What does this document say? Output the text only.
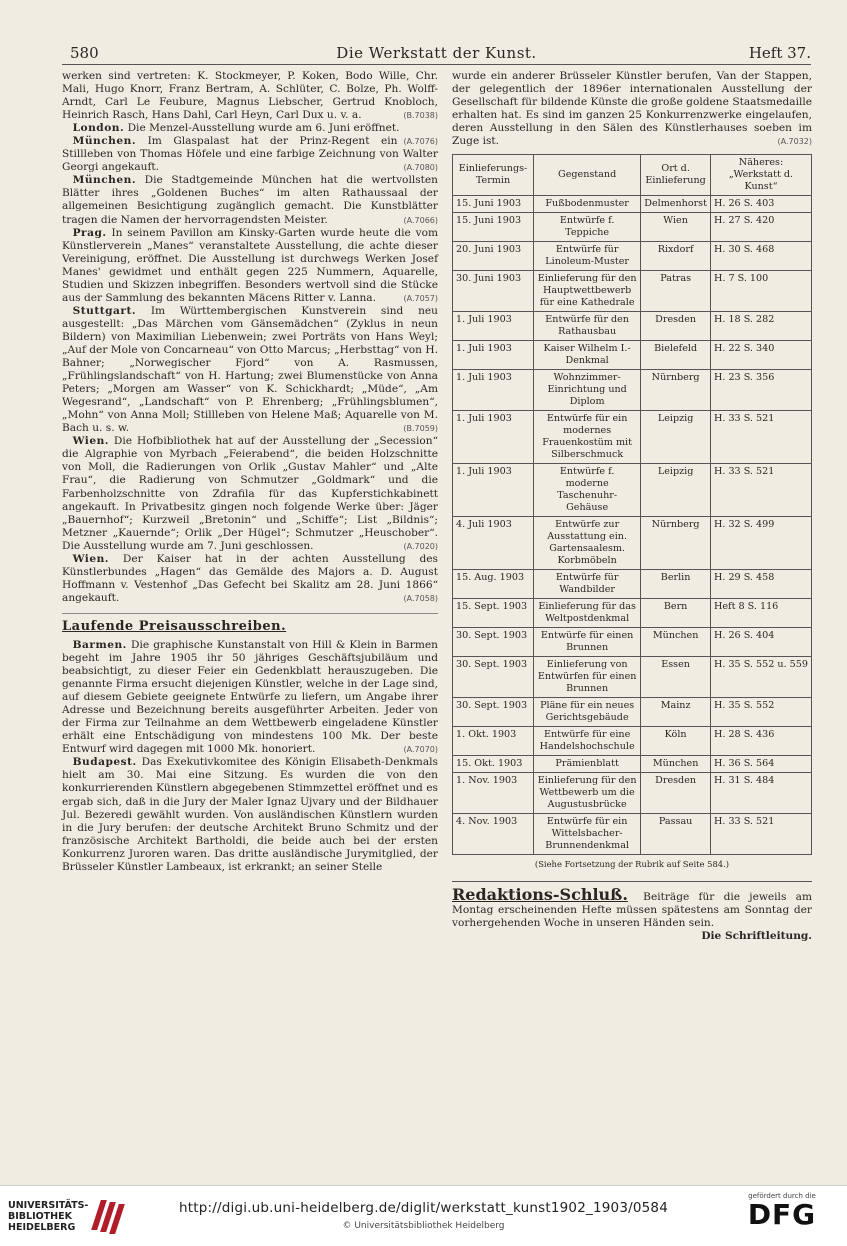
580	Die Werkstatt der Kunst.	Heft 37.

werken sind vertreten: K. Stockmeyer, P. Koken, Bodo Wille, Chr. Mali, Hugo Knorr, Franz Bertram, A. Schlüter, C. Bolze, Ph. Wolff-Arndt, Carl Le Feubure, Magnus Liebscher, Gertrud Knobloch, Heinrich Rasch, Hans Dahl, Carl Heyn, Carl Dux u. v. a.	(B.7038)

 London. Die Menzel-Ausstellung wurde am 6. Juni eröffnet.
(A.7076)

 München. Im Glaspalast hat der Prinz-Regent ein Stillleben von Thomas Höfele und eine farbige Zeichnung von Walter Georgi angekauft.	(A.7080)

 München. Die Stadtgemeinde München hat die wertvollsten Blätter ihres „Goldenen Buches“ im alten Rathaussaal der allgemeinen Besichtigung zugänglich gemacht. Die Kunstblätter tragen die Namen der hervorragendsten Meister.	(A.7066)

 Prag. In seinem Pavillon am Kinsky-Garten wurde heute die vom Künstlerverein „Manes“ veranstaltete Ausstellung, die achte dieser Vereinigung, eröffnet. Die Ausstellung ist durchwegs Werken Josef Manes' gewidmet und enthält gegen 225 Nummern, Aquarelle, Studien und Skizzen inbegriffen. Besonders wertvoll sind die Stücke aus der Sammlung des bekannten Mäcens Ritter v. Lanna.	(A.7057)

 Stuttgart. Im Württembergischen Kunstverein sind neu ausgestellt: „Das Märchen vom Gänsemädchen“ (Zyklus in neun Bildern) von Maximilian Liebenwein; zwei Porträts von Hans Weyl; „Auf der Mole von Concarneau“ von Otto Marcus; „Herbsttag“ von H. Bahner; „Norwegischer Fjord“ von A. Rasmussen, „Frühlingslandschaft“ von H. Hartung; zwei Blumenstücke von Anna Peters; „Morgen am Wasser“ von K. Schickhardt; „Müde“, „Am Wegesrand“, „Landschaft“ von P. Ehrenberg; „Frühlingsblumen“, „Mohn“ von Anna Moll; Stillleben von Helene Maß; Aquarelle von M. Bach u. s. w.	(B.7059)

 Wien. Die Hofbibliothek hat auf der Ausstellung der „Secession“ die Algraphie von Myrbach „Feierabend“, die beiden Holzschnitte von Moll, die Radierungen von Orlik „Gustav Mahler“ und „Alte Frau“, die Radierung von Schmutzer „Goldmark“ und die Farbenholzschnitte von Zdrafila für das Kupferstichkabinett angekauft. In Privatbesitz gingen noch folgende Werke über: Jäger „Bauernhof“; Kurzweil „Bretonin“ und „Schiffe“; List „Bildnis“; Metzner „Kauernde“; Orlik „Der Hügel“; Schmutzer „Heuschober“. Die Ausstellung wurde am 7. Juni geschlossen.	(A.7020)

 Wien. Der Kaiser hat in der achten Ausstellung des Künstlerbundes „Hagen“ das Gemälde des Majors a. D. August Hoffmann v. Vestenhof „Das Gefecht bei Skalitz am 28. Juni 1866“ angekauft.	(A.7058)

Laufende Preisausschreiben.

 Barmen. Die graphische Kunstanstalt von Hill & Klein in Barmen begeht im Jahre 1905 ihr 50 jähriges Geschäftsjubiläum und beabsichtigt, zu dieser Feier ein Gedenkblatt herauszugeben. Die genannte Firma ersucht diejenigen Künstler, welche in der Lage sind, auf diesem Gebiete geeignete Entwürfe zu liefern, um Angabe ihrer Adresse und Bezeichnung bereits ausgeführter Arbeiten. Jeder von der Firma zur Teilnahme an dem Wettbewerb eingeladene Künstler erhält eine Entschädigung von mindestens 100 Mk. Der beste Entwurf wird dagegen mit 1000 Mk. honoriert.	(A.7070)

 Budapest. Das Exekutivkomitee des Königin Elisabeth-Denkmals hielt am 30. Mai eine Sitzung. Es wurden die von den konkurrierenden Künstlern abgegebenen Stimmzettel eröffnet und es ergab sich, daß in die Jury der Maler Ignaz Ujvary und der Bildhauer Jul. Bezeredi gewählt wurden. Von ausländischen Künstlern wurden in die Jury berufen: der deutsche Architekt Bruno Schmitz und der französische Architekt Bartholdi, die beide auch bei der ersten Konkurrenz Juroren waren. Das dritte ausländische Jurymitglied, der Brüsseler Künstler Lambeaux, ist erkrankt; an seiner Stelle

wurde ein anderer Brüsseler Künstler berufen, Van der Stappen, der gelegentlich der 1896er internationalen Ausstellung der Gesellschaft für bildende Künste die große goldene Staatsmedaille erhalten hat. Es sind im ganzen 25 Konkurrenzwerke eingelaufen, deren Ausstellung in den Sälen des Künstlerhauses soeben im Zuge ist.	(A.7032)

Einlieferungs-Termin	Gegenstand	Ort d. Einlieferung	Näheres: „Werkstatt d. Kunst“
15. Juni 1903	Fußbodenmuster	Delmenhorst	H. 26 S. 403
15. Juni 1903	Entwürfe f. Teppiche	Wien	H. 27 S. 420
20. Juni 1903	Entwürfe für Linoleum-Muster	Rixdorf	H. 30 S. 468
30. Juni 1903	Einlieferung für den Hauptwettbewerb für eine Kathedrale	Patras	H. 7 S. 100
1. Juli 1903	Entwürfe für den Rathausbau	Dresden	H. 18 S. 282
1. Juli 1903	Kaiser Wilhelm I.-Denkmal	Bielefeld	H. 22 S. 340
1. Juli 1903	Wohnzimmer-Einrichtung und Diplom	Nürnberg	H. 23 S. 356
1. Juli 1903	Entwürfe für ein modernes Frauenkostüm mit Silberschmuck	Leipzig	H. 33 S. 521
1. Juli 1903	Entwürfe f. moderne Taschenuhr-Gehäuse	Leipzig	H. 33 S. 521
4. Juli 1903	Entwürfe zur Ausstattung ein. Gartensaalesm. Korbmöbeln	Nürnberg	H. 32 S. 499
15. Aug. 1903	Entwürfe für Wandbilder	Berlin	H. 29 S. 458
15. Sept. 1903	Einlieferung für das Weltpostdenkmal	Bern	Heft 8 S. 116
30. Sept. 1903	Entwürfe für einen Brunnen	München	H. 26 S. 404
30. Sept. 1903	Einlieferung von Entwürfen für einen Brunnen	Essen	H. 35 S. 552 u. 559
30. Sept. 1903	Pläne für ein neues Gerichtsgebäude	Mainz	H. 35 S. 552
1. Okt. 1903	Entwürfe für eine Handelshochschule	Köln	H. 28 S. 436
15. Okt. 1903	Prämienblatt	München	H. 36 S. 564
1. Nov. 1903	Einlieferung für den Wettbewerb um die Augustusbrücke	Dresden	H. 31 S. 484
4. Nov. 1903	Entwürfe für ein Wittelsbacher-Brunnendenkmal	Passau	H. 33 S. 521
(Siehe Fortsetzung der Rubrik auf Seite 584.)
Redaktions-Schluß. Beiträge für die jeweils am Montag erscheinenden Hefte müssen spätestens am Sonntag der vorhergehenden Woche in unseren Händen sein.
Die Schriftleitung.
UNIVERSITÄTS-
BIBLIOTHEK
HEIDELBERG
http://digi.ub.uni-heidelberg.de/diglit/werkstatt_kunst1902_1903/0584
© Universitätsbibliothek Heidelberg
gefördert durch die
DFG
